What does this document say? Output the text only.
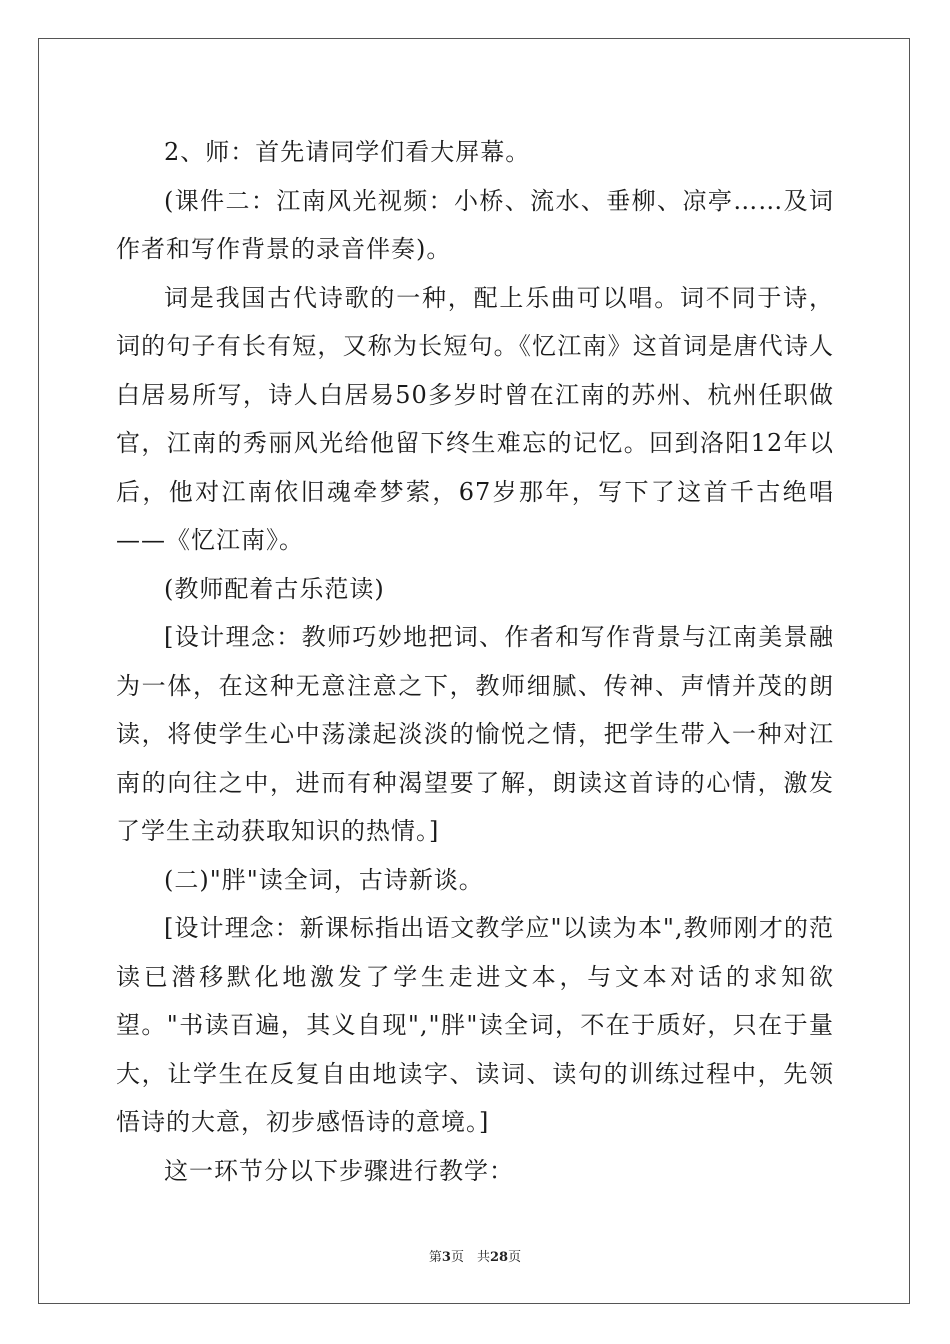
2、师：首先请同学们看大屏幕。

(课件二：江南风光视频：小桥、流水、垂柳、凉亭……及词作者和写作背景的录音伴奏)。

词是我国古代诗歌的一种，配上乐曲可以唱。词不同于诗，词的句子有长有短，又称为长短句。《忆江南》这首词是唐代诗人白居易所写，诗人白居易50多岁时曾在江南的苏州、杭州任职做官，江南的秀丽风光给他留下终生难忘的记忆。回到洛阳12年以后，他对江南依旧魂牵梦萦，67岁那年，写下了这首千古绝唱——《忆江南》。

(教师配着古乐范读)

[设计理念：教师巧妙地把词、作者和写作背景与江南美景融为一体，在这种无意注意之下，教师细腻、传神、声情并茂的朗读，将使学生心中荡漾起淡淡的愉悦之情，把学生带入一种对江南的向往之中，进而有种渴望要了解，朗读这首诗的心情，激发了学生主动获取知识的热情。]

(二)"胖"读全词，古诗新谈。

[设计理念：新课标指出语文教学应"以读为本",教师刚才的范读已潜移默化地激发了学生走进文本，与文本对话的求知欲望。"书读百遍，其义自现","胖"读全词，不在于质好，只在于量大，让学生在反复自由地读字、读词、读句的训练过程中，先领悟诗的大意，初步感悟诗的意境。]

这一环节分以下步骤进行教学：

第3页　共28页
